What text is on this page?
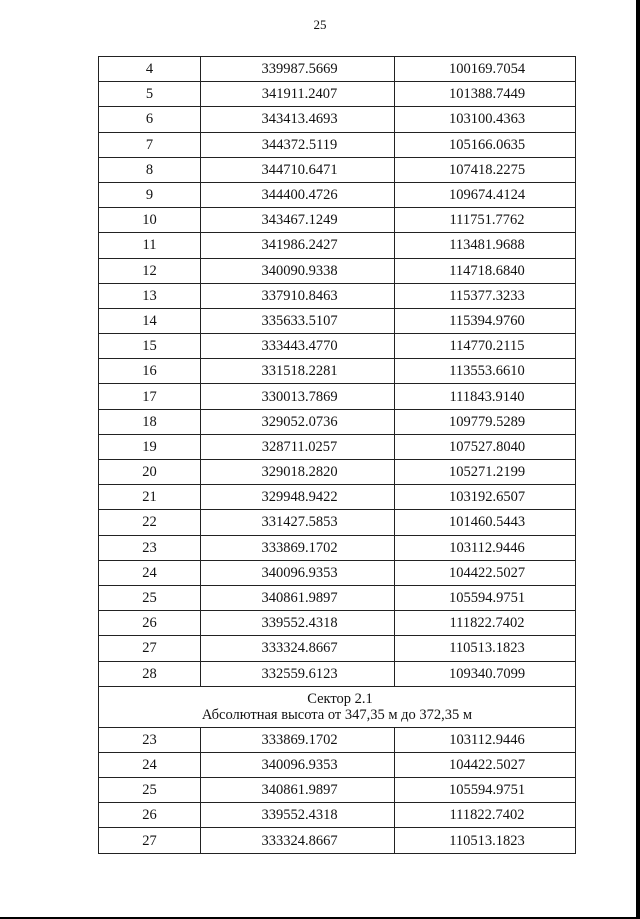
25
4	339987.5669	100169.7054
5	341911.2407	101388.7449
6	343413.4693	103100.4363
7	344372.5119	105166.0635
8	344710.6471	107418.2275
9	344400.4726	109674.4124
10	343467.1249	111751.7762
11	341986.2427	113481.9688
12	340090.9338	114718.6840
13	337910.8463	115377.3233
14	335633.5107	115394.9760
15	333443.4770	114770.2115
16	331518.2281	113553.6610
17	330013.7869	111843.9140
18	329052.0736	109779.5289
19	328711.0257	107527.8040
20	329018.2820	105271.2199
21	329948.9422	103192.6507
22	331427.5853	101460.5443
23	333869.1702	103112.9446
24	340096.9353	104422.5027
25	340861.9897	105594.9751
26	339552.4318	111822.7402
27	333324.8667	110513.1823
28	332559.6123	109340.7099

Сектор 2.1
Абсолютная высота от 347,35 м до 372,35 м		

23	333869.1702	103112.9446
24	340096.9353	104422.5027
25	340861.9897	105594.9751
26	339552.4318	111822.7402
27	333324.8667	110513.1823
